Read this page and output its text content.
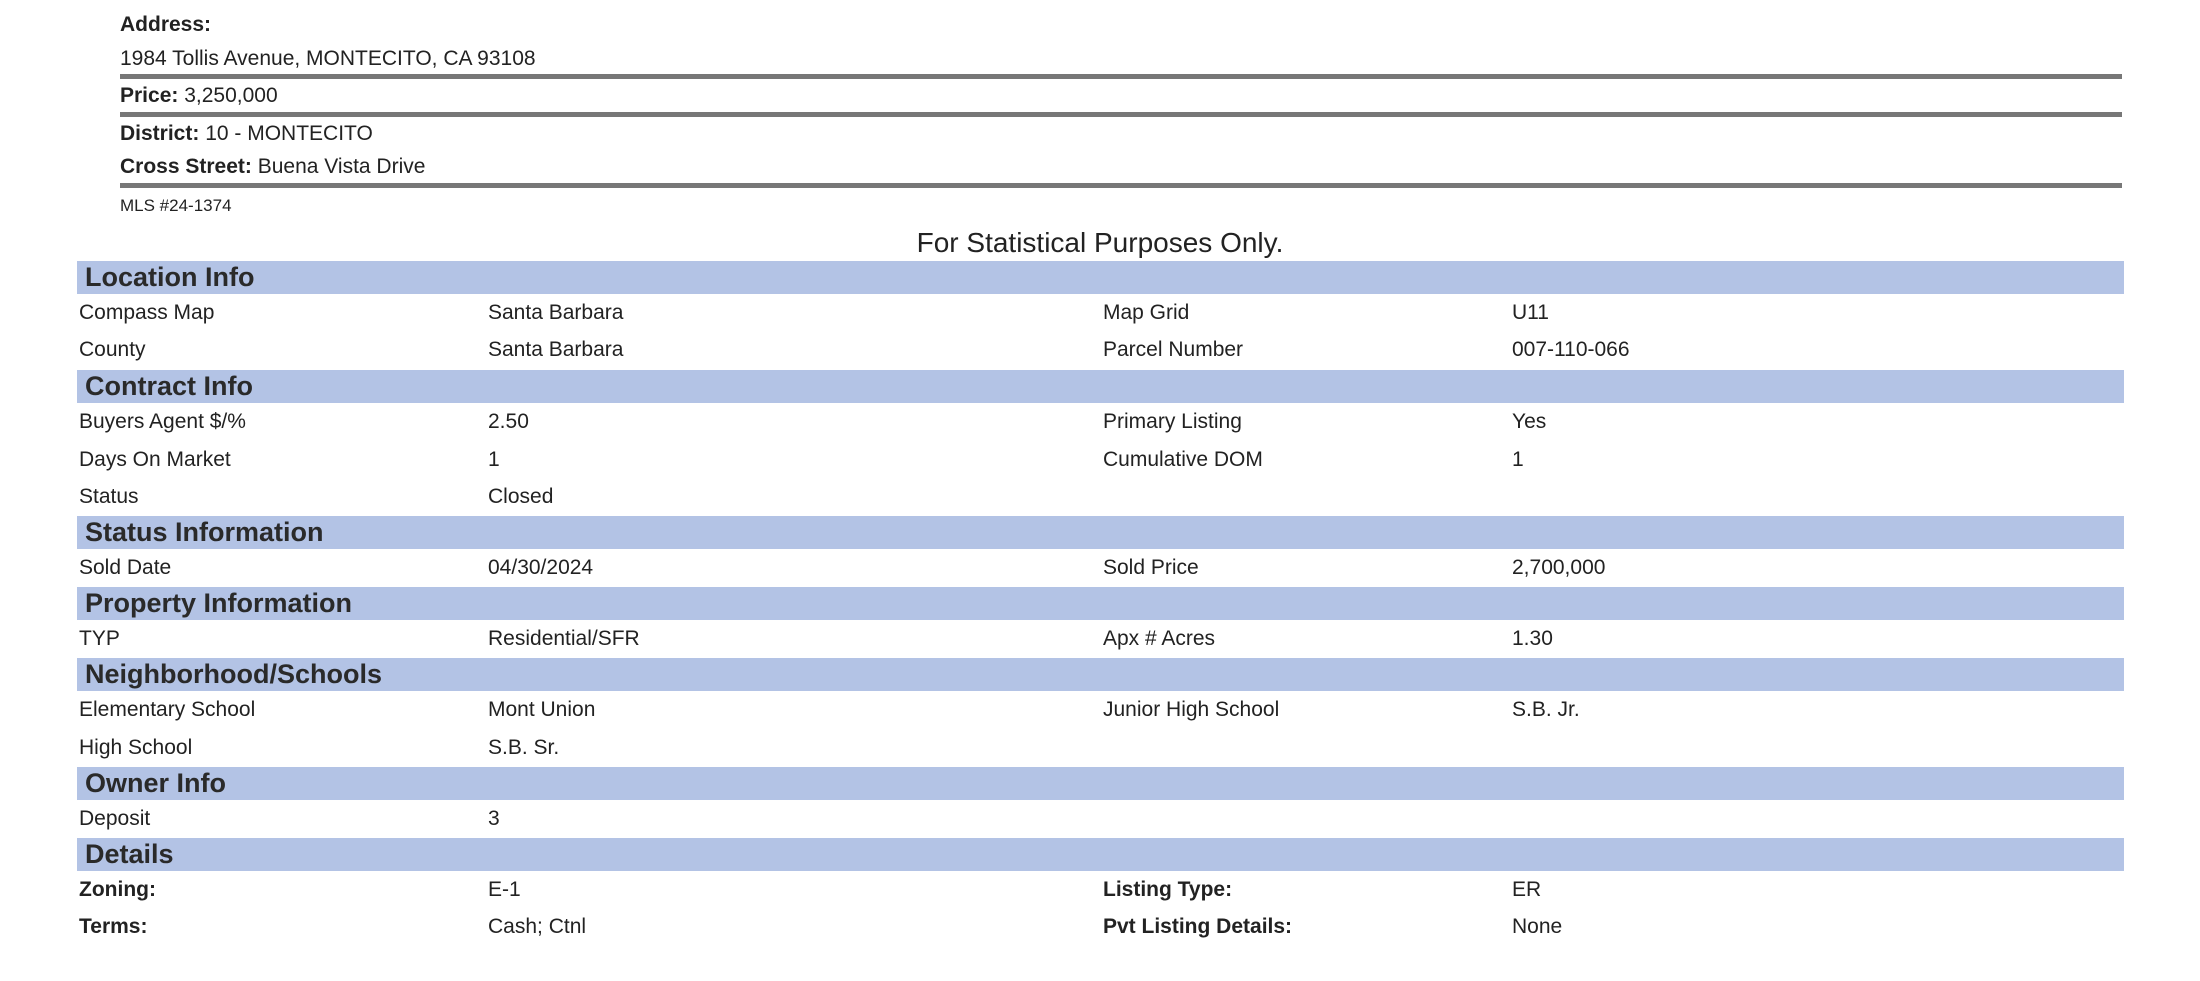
Address:
1984 Tollis Avenue, MONTECITO, CA 93108
Price: 3,250,000
District: 10 - MONTECITO
Cross Street: Buena Vista Drive
MLS #24-1374
For Statistical Purposes Only.
Location Info
Compass Map	Santa Barbara	Map Grid	U11
County	Santa Barbara	Parcel Number	007-110-066
Contract Info
Buyers Agent $/%	2.50	Primary Listing	Yes
Days On Market	1	Cumulative DOM	1
Status	Closed
Status Information
Sold Date	04/30/2024	Sold Price	2,700,000
Property Information
TYP	Residential/SFR	Apx # Acres	1.30
Neighborhood/Schools
Elementary School	Mont Union	Junior High School	S.B. Jr.
High School	S.B. Sr.
Owner Info
Deposit	3
Details
Zoning:	E-1	Listing Type:	ER
Terms:	Cash; Ctnl	Pvt Listing Details:	None
